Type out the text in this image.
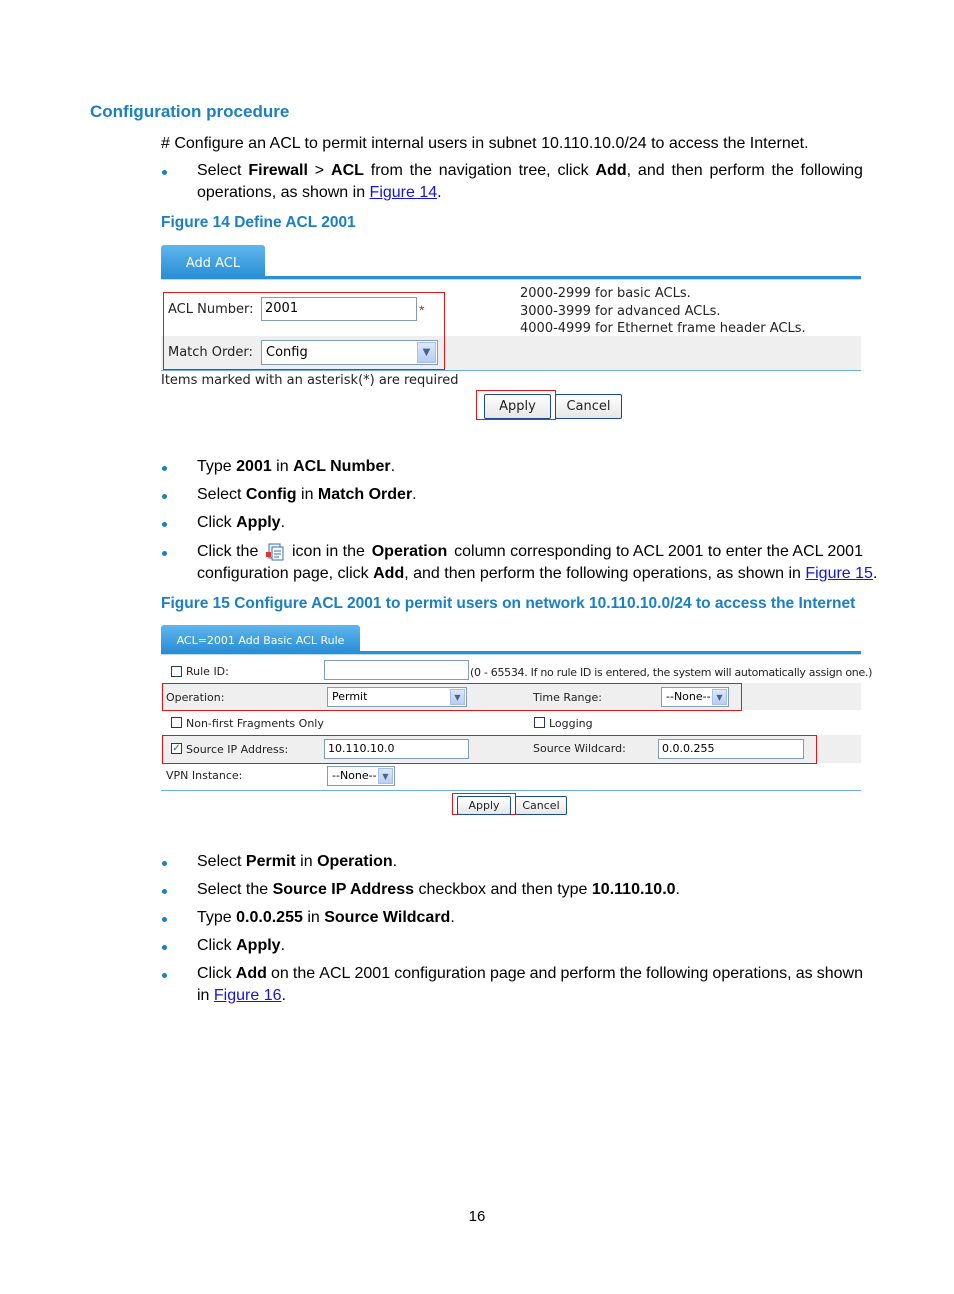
Configuration procedure
# Configure an ACL to permit internal users in subnet 10.110.10.0/24 to access the Internet.
Select Firewall > ACL from the navigation tree, click Add, and then perform the following
operations, as shown in Figure 14.
Figure 14 Define ACL 2001
Add ACL
ACL Number: 2001	*
Match Order:	Config	▼
2000-2999 for basic ACLs.
3000-3999 for advanced ACLs.
4000-4999 for Ethernet frame header ACLs.
Items marked with an asterisk(*) are required
Apply	Cancel
Type 2001 in ACL Number.
Select Config in Match Order.
Click Apply.
Click the icon in the Operation column corresponding to ACL 2001 to enter the ACL 2001
configuration page, click Add, and then perform the following operations, as shown in Figure 15.
Figure 15 Configure ACL 2001 to permit users on network 10.110.10.0/24 to access the Internet
ACL=2001 Add Basic ACL Rule
Rule ID:	(0 - 65534. If no rule ID is entered, the system will automatically assign one.)
Operation:	Permit	▼	Time Range:	--None-- ▼
Non-first Fragments Only	Logging
✓ Source IP Address:	10.110.10.0	Source Wildcard:	0.0.0.255
VPN Instance:	--None-- ▼
Apply	Cancel
Select Permit in Operation.
Select the Source IP Address checkbox and then type 10.110.10.0.
Type 0.0.0.255 in Source Wildcard.
Click Apply.
Click Add on the ACL 2001 configuration page and perform the following operations, as shown
in Figure 16.
16
